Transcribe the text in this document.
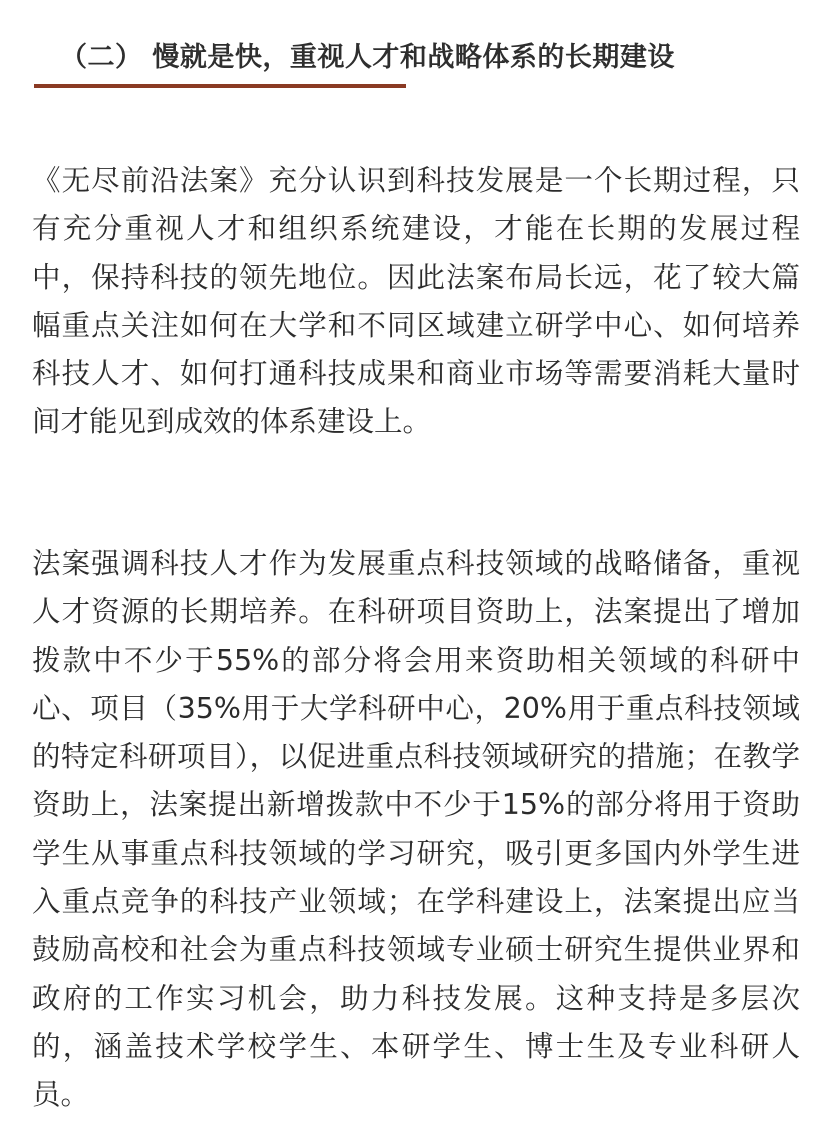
（二） 慢就是快，重视人才和战略体系的长期建设

《无尽前沿法案》充分认识到科技发展是一个长期过程，只有充分重视人才和组织系统建设，才能在长期的发展过程中，保持科技的领先地位。因此法案布局长远，花了较大篇幅重点关注如何在大学和不同区域建立研学中心、如何培养科技人才、如何打通科技成果和商业市场等需要消耗大量时间才能见到成效的体系建设上。

法案强调科技人才作为发展重点科技领域的战略储备，重视人才资源的长期培养。在科研项目资助上，法案提出了增加拨款中不少于55%的部分将会用来资助相关领域的科研中心、项目（35%用于大学科研中心，20%用于重点科技领域的特定科研项目），以促进重点科技领域研究的措施；在教学资助上，法案提出新增拨款中不少于15%的部分将用于资助学生从事重点科技领域的学习研究，吸引更多国内外学生进入重点竞争的科技产业领域；在学科建设上，法案提出应当鼓励高校和社会为重点科技领域专业硕士研究生提供业界和政府的工作实习机会，助力科技发展。这种支持是多层次的，涵盖技术学校学生、本研学生、博士生及专业科研人员。
